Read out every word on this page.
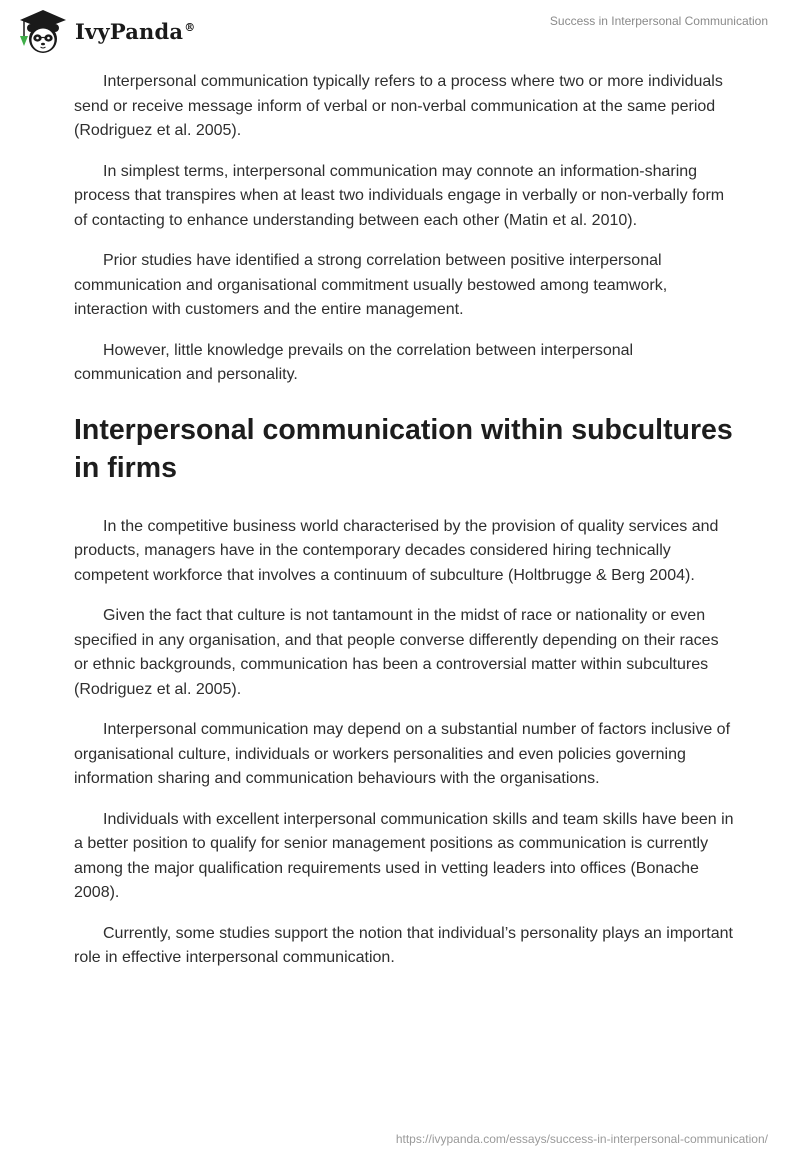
IvyPanda®	Success in Interpersonal Communication

Interpersonal communication typically refers to a process where two or more individuals send or receive message inform of verbal or non-verbal communication at the same period (Rodriguez et al. 2005).

In simplest terms, interpersonal communication may connote an information-sharing process that transpires when at least two individuals engage in verbally or non-verbally form of contacting to enhance understanding between each other (Matin et al. 2010).

Prior studies have identified a strong correlation between positive interpersonal communication and organisational commitment usually bestowed among teamwork, interaction with customers and the entire management.

However, little knowledge prevails on the correlation between interpersonal communication and personality.

Interpersonal communication within subcultures in firms

In the competitive business world characterised by the provision of quality services and products, managers have in the contemporary decades considered hiring technically competent workforce that involves a continuum of subculture (Holtbrugge & Berg 2004).

Given the fact that culture is not tantamount in the midst of race or nationality or even specified in any organisation, and that people converse differently depending on their races or ethnic backgrounds, communication has been a controversial matter within subcultures (Rodriguez et al. 2005).

Interpersonal communication may depend on a substantial number of factors inclusive of organisational culture, individuals or workers personalities and even policies governing information sharing and communication behaviours with the organisations.

Individuals with excellent interpersonal communication skills and team skills have been in a better position to qualify for senior management positions as communication is currently among the major qualification requirements used in vetting leaders into offices (Bonache 2008).

Currently, some studies support the notion that individual’s personality plays an important role in effective interpersonal communication.

https://ivypanda.com/essays/success-in-interpersonal-communication/
